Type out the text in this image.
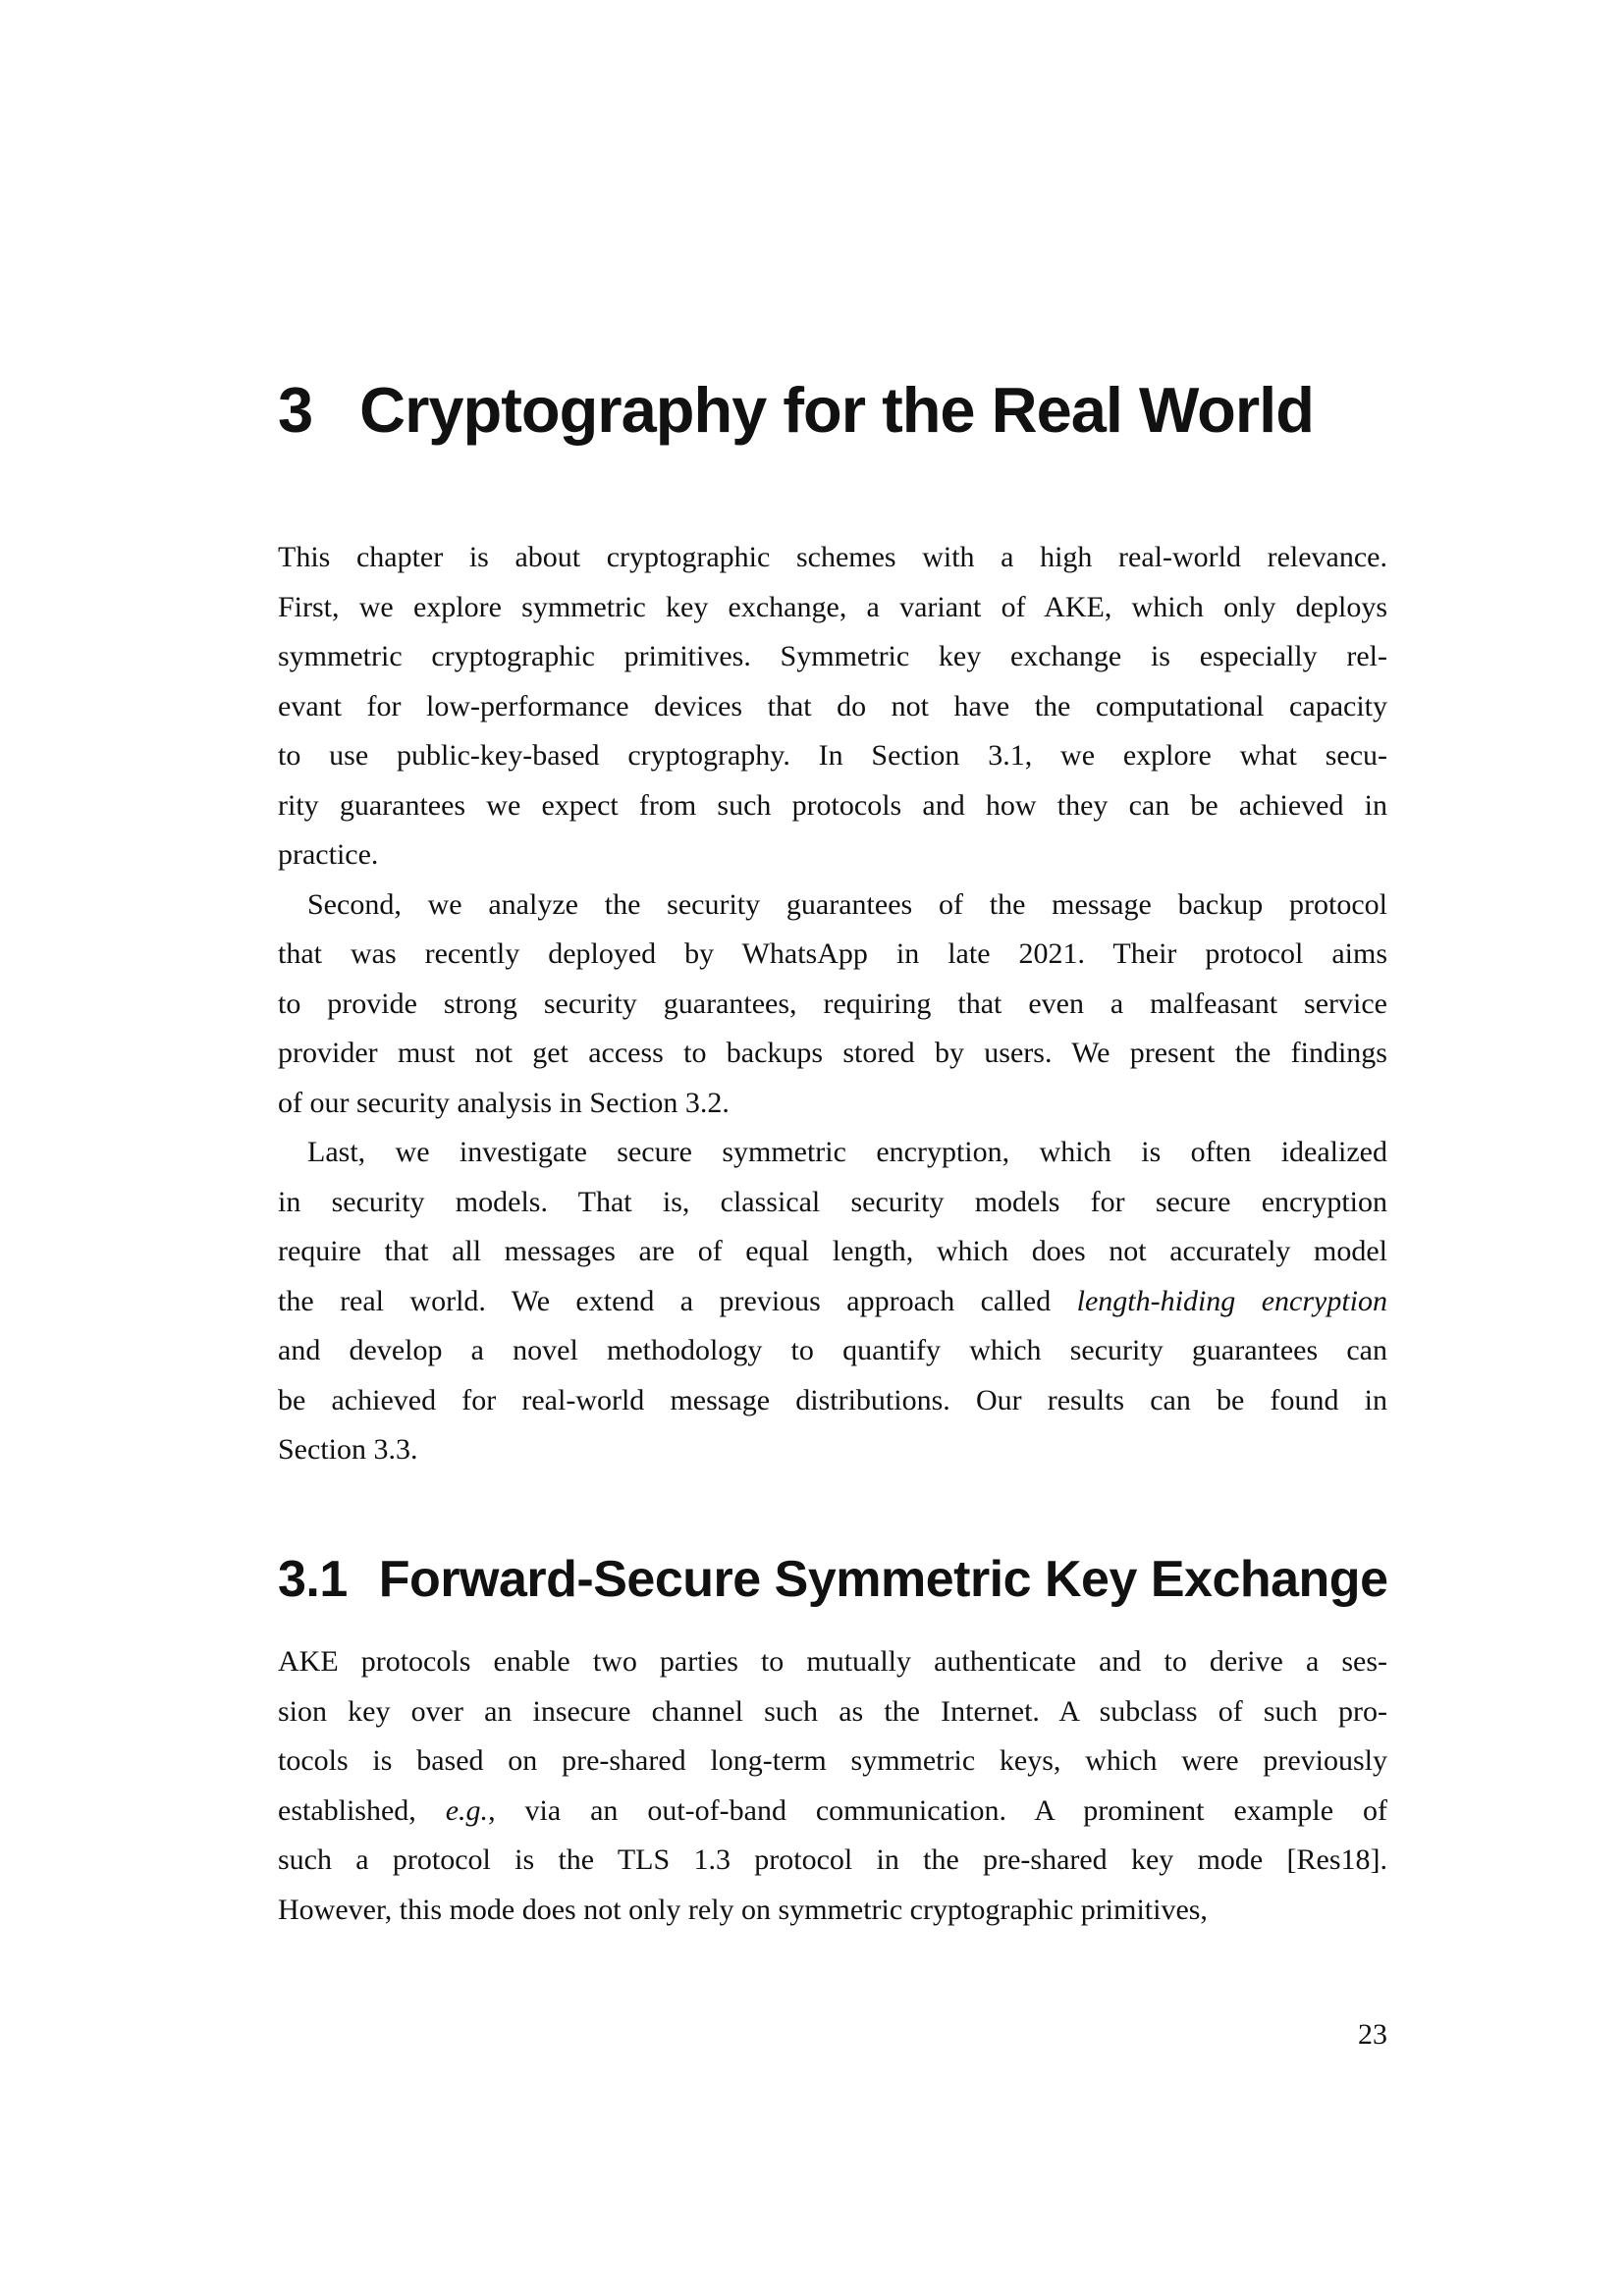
3 Cryptography for the Real World
This chapter is about cryptographic schemes with a high real-world relevance.
First, we explore symmetric key exchange, a variant of AKE, which only deploys
symmetric cryptographic primitives. Symmetric key exchange is especially rel-
evant for low-performance devices that do not have the computational capacity
to use public-key-based cryptography. In Section 3.1, we explore what secu-
rity guarantees we expect from such protocols and how they can be achieved in
practice.
Second, we analyze the security guarantees of the message backup protocol
that was recently deployed by WhatsApp in late 2021. Their protocol aims
to provide strong security guarantees, requiring that even a malfeasant service
provider must not get access to backups stored by users. We present the findings
of our security analysis in Section 3.2.
Last, we investigate secure symmetric encryption, which is often idealized
in security models. That is, classical security models for secure encryption
require that all messages are of equal length, which does not accurately model
the real world. We extend a previous approach called length-hiding encryption
and develop a novel methodology to quantify which security guarantees can
be achieved for real-world message distributions. Our results can be found in
Section 3.3.
3.1 Forward-Secure Symmetric Key Exchange
AKE protocols enable two parties to mutually authenticate and to derive a ses-
sion key over an insecure channel such as the Internet. A subclass of such pro-
tocols is based on pre-shared long-term symmetric keys, which were previously
established, e.g., via an out-of-band communication. A prominent example of
such a protocol is the TLS 1.3 protocol in the pre-shared key mode [Res18].
However, this mode does not only rely on symmetric cryptographic primitives,
23
